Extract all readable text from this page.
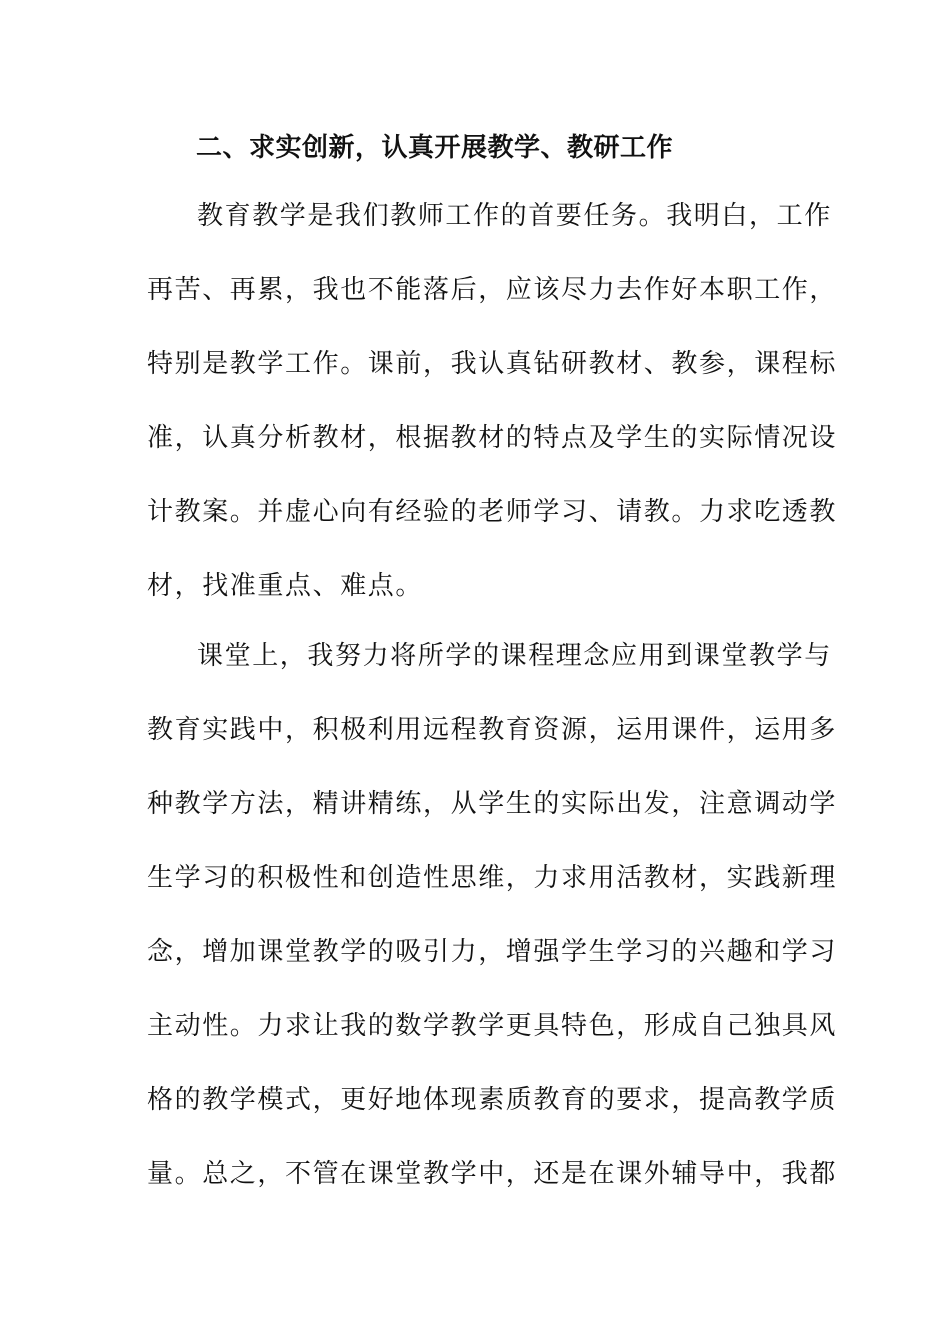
二、求实创新，认真开展教学、教研工作
教育教学是我们教师工作的首要任务。我明白，工作
再苦、再累，我也不能落后，应该尽力去作好本职工作，
特别是教学工作。课前，我认真钻研教材、教参，课程标
准，认真分析教材，根据教材的特点及学生的实际情况设
计教案。并虚心向有经验的老师学习、请教。力求吃透教
材，找准重点、难点。
课堂上，我努力将所学的课程理念应用到课堂教学与
教育实践中，积极利用远程教育资源，运用课件，运用多
种教学方法，精讲精练，从学生的实际出发，注意调动学
生学习的积极性和创造性思维，力求用活教材，实践新理
念，增加课堂教学的吸引力，增强学生学习的兴趣和学习
主动性。力求让我的数学教学更具特色，形成自己独具风
格的教学模式，更好地体现素质教育的要求，提高教学质
量。总之，不管在课堂教学中，还是在课外辅导中，我都
